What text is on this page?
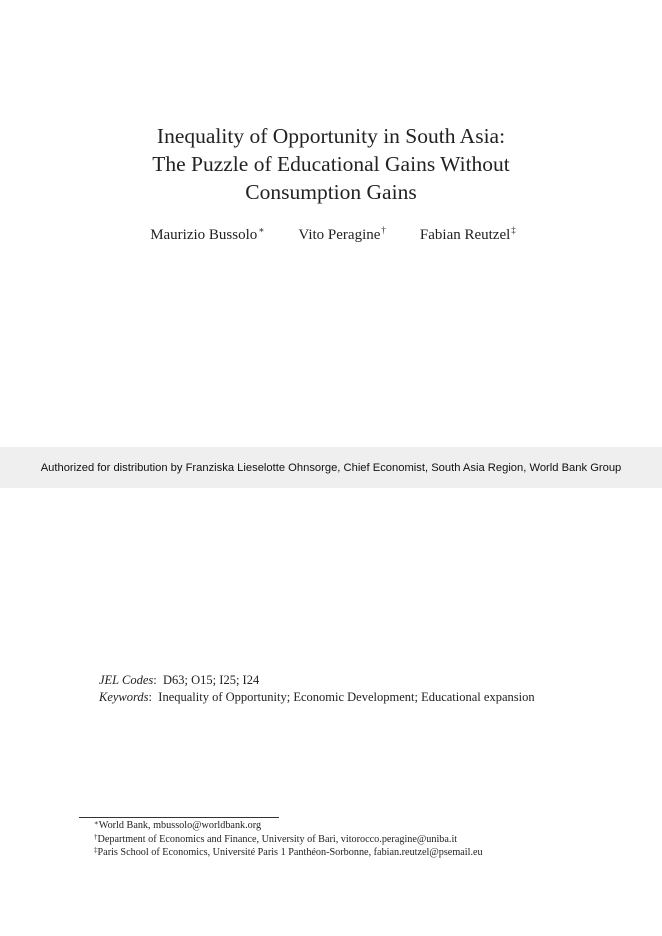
Inequality of Opportunity in South Asia:
The Puzzle of Educational Gains Without
Consumption Gains
Maurizio Bussolo∗ Vito Peragine† Fabian Reutzel‡
Authorized for distribution by Franziska Lieselotte Ohnsorge, Chief Economist, South Asia Region, World Bank Group
JEL Codes:  D63; O15; I25; I24
Keywords:  Inequality of Opportunity; Economic Development; Educational expansion
∗World Bank, mbussolo@worldbank.org
†Department of Economics and Finance, University of Bari, vitorocco.peragine@uniba.it
‡Paris School of Economics, Université Paris 1 Panthéon-Sorbonne, fabian.reutzel@psemail.eu
